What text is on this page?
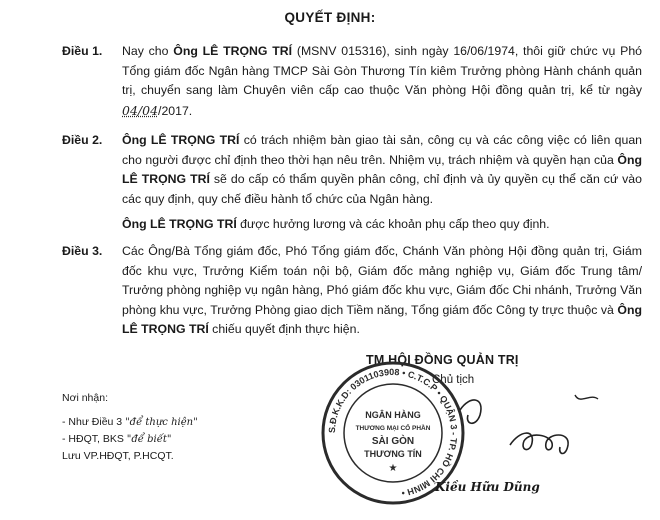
QUYẾT ĐỊNH:
Điều 1.	Nay cho Ông LÊ TRỌNG TRÍ (MSNV 015316), sinh ngày 16/06/1974, thôi giữ chức vụ Phó Tổng giám đốc Ngân hàng TMCP Sài Gòn Thương Tín kiêm Trưởng phòng Hành chánh quản trị, chuyển sang làm Chuyên viên cấp cao thuộc Văn phòng Hội đồng quản trị, kể từ ngày 04/04/2017.

Điều 2.	Ông LÊ TRỌNG TRÍ có trách nhiệm bàn giao tài sản, công cụ và các công việc có liên quan cho người được chỉ định theo thời hạn nêu trên. Nhiệm vụ, trách nhiệm và quyền hạn của Ông LÊ TRỌNG TRÍ sẽ do cấp có thẩm quyền phân công, chỉ định và ủy quyền cụ thể căn cứ vào các quy định, quy chế điều hành tổ chức của Ngân hàng.

Ông LÊ TRỌNG TRÍ được hưởng lương và các khoản phụ cấp theo quy định.

Điều 3.	Các Ông/Bà Tổng giám đốc, Phó Tổng giám đốc, Chánh Văn phòng Hội đồng quản trị, Giám đốc khu vực, Trưởng Kiểm toán nội bộ, Giám đốc mảng nghiệp vụ, Giám đốc Trung tâm/ Trưởng phòng nghiệp vụ ngân hàng, Phó giám đốc khu vực, Giám đốc Chi nhánh, Trưởng Văn phòng khu vực, Trưởng Phòng giao dịch Tiềm năng, Tổng giám đốc Công ty trực thuộc và Ông LÊ TRỌNG TRÍ chiếu quyết định thực hiện.

Nơi nhận:
- Như Điều 3 "để thực hiện"
- HĐQT, BKS "để biết"
Lưu VP.HĐQT, P.HCQT.
TM.HỘI ĐỒNG QUẢN TRỊ
Chủ tịch
S.Đ.K.K.D: 0301103908 • C.T.C.P • QUẬN 3 - TP. HỒ CHÍ MINH •
NGÂN HÀNG
THƯƠNG MẠI CỔ PHẦN
SÀI GÒN
THƯƠNG TÍN
★
Kiều Hữu Dũng
